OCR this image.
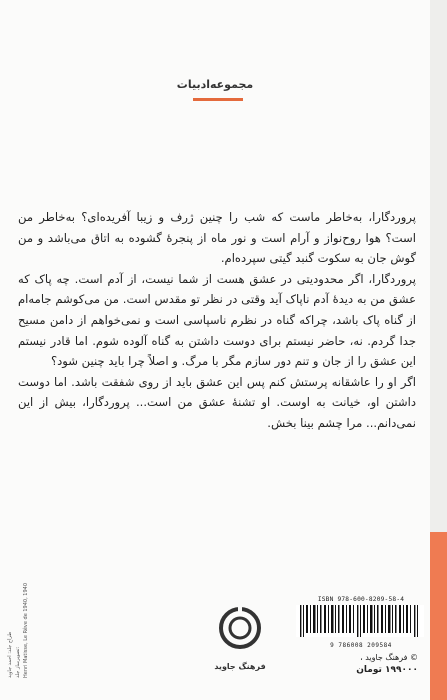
مجموعه‌ادبیات

پروردگارا، به‌خاطر ماست که شب را چنین ژرف و زیبا آفریده‌ای؟ به‌خاطر من است؟ هوا روح‌نواز و آرام است و نور ماه از پنجرهٔ گشوده به اتاق می‌باشد و من گوش جان به سکوت گنبد گیتی سپرده‌ام.

پروردگارا، اگر محدودیتی در عشق هست از شما نیست، از آدم است. چه پاک که عشق من به دیدهٔ آدم ناپاک آید وقتی در نظر تو مقدس است. من می‌کوشم جامه‌ام از گناه پاک باشد، چراکه گناه در نظرم ناسپاسی است و نمی‌خواهم از دامن مسیح جدا گردم. نه، حاضر نیستم برای دوست داشتن به گناه آلوده شوم. اما قادر نیستم این عشق را از جان و تنم دور سازم مگر با مرگ. و اصلاً چرا باید چنین شود؟

اگر او را عاشقانه پرستش کنم پس این عشق باید از روی شفقت باشد. اما دوست داشتن او، خیانت به اوست. او تشنهٔ عشق من است... پروردگارا، بیش از این نمی‌دانم... مرا چشم بینا بخش.

طراح جلد: احمد جاوید تصویرساز جلد: Henri Matisse, Le Rêve de 1940, 1940	فرهنگ جاوید
ISBN 978-600-8209-58-4
9 786008 209584
© فرهنگ جاوید ،
۱۹۹۰۰۰ تومان
